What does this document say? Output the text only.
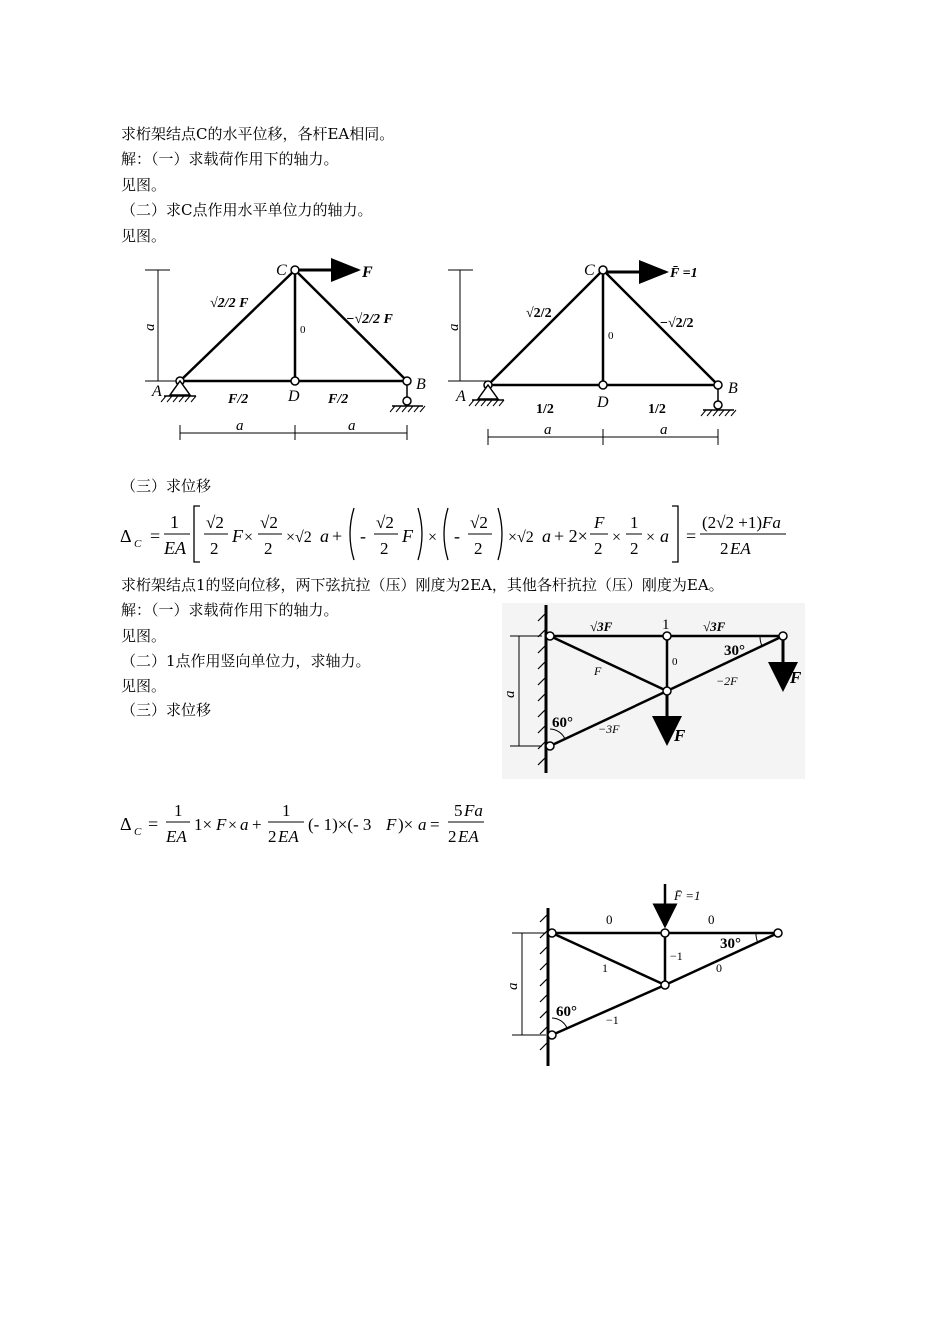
求桁架结点C的水平位移，各杆EA相同。
解：（一）求载荷作用下的轴力。
见图。
（二）求C点作用水平单位力的轴力。
见图。
a
F
C
A	D
B
√2/2 F
−√2/2 F
0
F/2	F/2
a	a
a
F̄ =1
C
A	D
B
√2/2
−√2/2
0
1/2	1/2
a	a
（三）求位移
Δ C =
1
EA
√2
2
F ×
√2
2
×√2 a + -
√2
2
F × -
√2
2
×√2 a + 2×
F
2
×
1
2
× a =
(2√2 +1) Fa
2 EA
求桁架结点1的竖向位移，两下弦抗拉（压）刚度为2EA，其他各杆抗拉（压）刚度为EA。
解：（一）求载荷作用下的轴力。
见图。
（二）1点作用竖向单位力，求轴力。
见图。
（三）求位移
a
F
F
√3F	√3F
1
0
F
−2F
−3F
30°
60°
Δ C =
1
EA
1× F × a +
1
2 EA
(- 1)×(- 3 F )× a =
5 Fa
2 EA
a
F̄ =1
0	0
−1
1	0
−1
30°
60°
